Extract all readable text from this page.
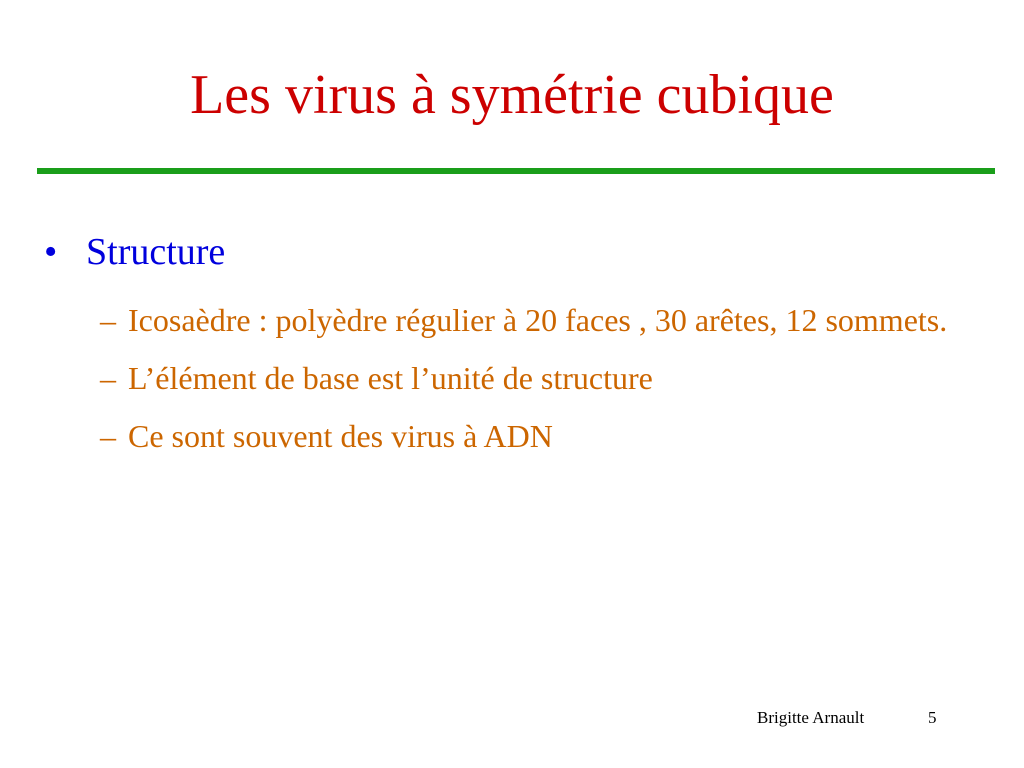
Les virus à symétrie cubique
• Structure
– Icosaèdre : polyèdre régulier à 20 faces , 30 arêtes, 12 sommets.
– L’élément de base est l’unité de structure
– Ce sont souvent des virus à ADN
Brigitte Arnault	5
